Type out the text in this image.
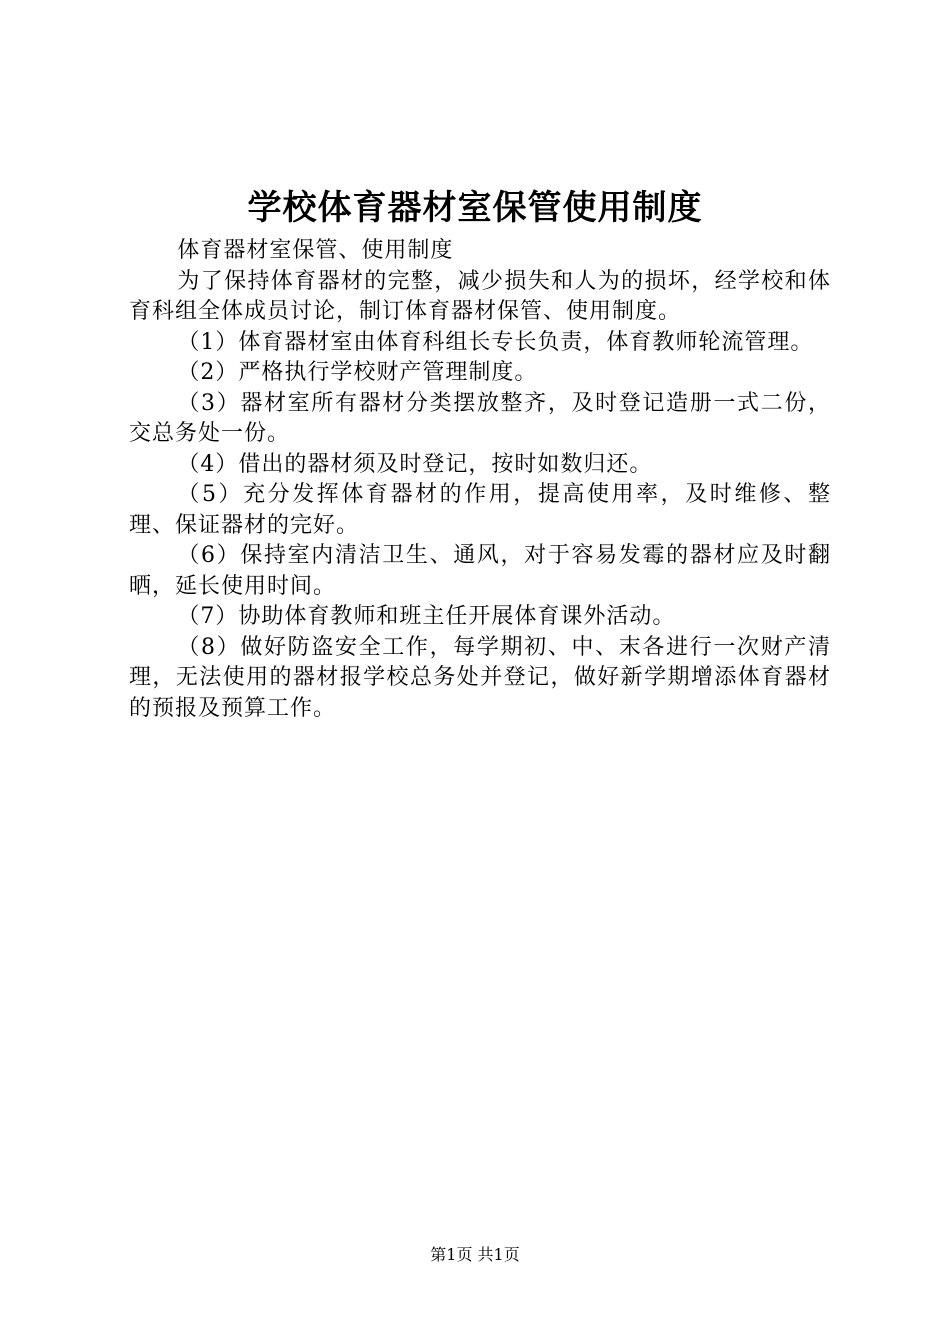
学校体育器材室保管使用制度

体育器材室保管、使用制度

为了保持体育器材的完整，减少损失和人为的损坏，经学校和体育科组全体成员讨论，制订体育器材保管、使用制度。

（1）体育器材室由体育科组长专长负责，体育教师轮流管理。

（2）严格执行学校财产管理制度。

（3）器材室所有器材分类摆放整齐，及时登记造册一式二份，交总务处一份。

（4）借出的器材须及时登记，按时如数归还。

（5）充分发挥体育器材的作用，提高使用率，及时维修、整理、保证器材的完好。

（6）保持室内清洁卫生、通风，对于容易发霉的器材应及时翻晒，延长使用时间。

（7）协助体育教师和班主任开展体育课外活动。

（8）做好防盗安全工作，每学期初、中、末各进行一次财产清理，无法使用的器材报学校总务处并登记，做好新学期增添体育器材的预报及预算工作。

第1页 共1页
